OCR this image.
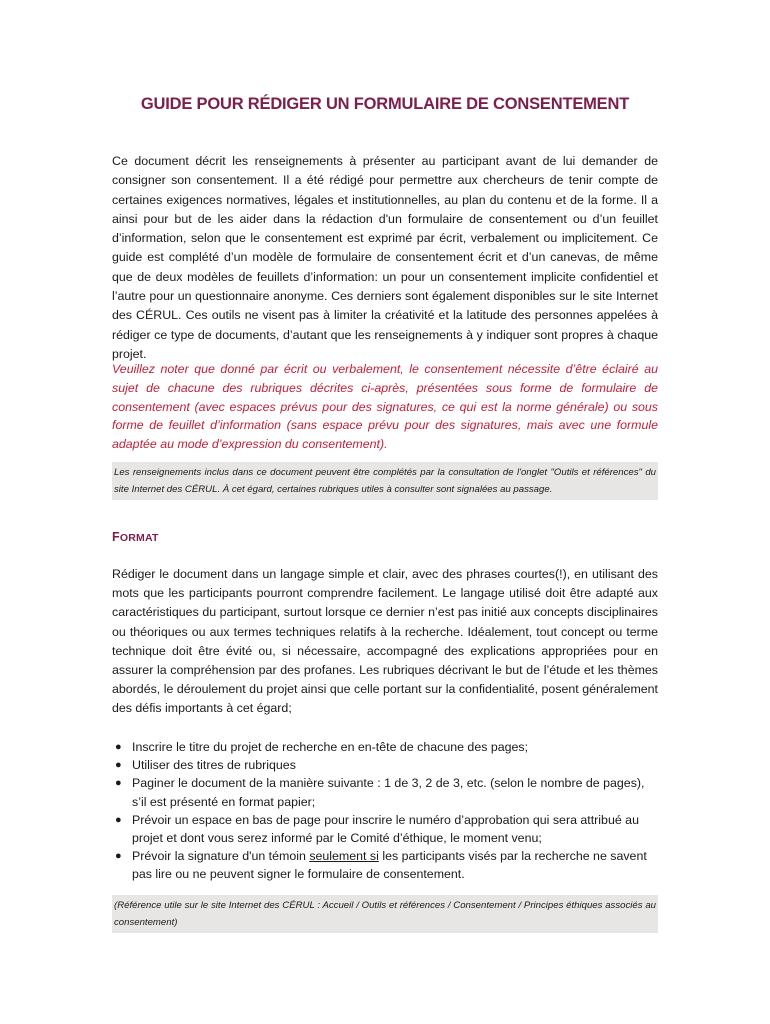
GUIDE POUR RÉDIGER UN FORMULAIRE DE CONSENTEMENT

Ce document décrit les renseignements à présenter au participant avant de lui demander de consigner son consentement. Il a été rédigé pour permettre aux chercheurs de tenir compte de certaines exigences normatives, légales et institutionnelles, au plan du contenu et de la forme. Il a ainsi pour but de les aider dans la rédaction d'un formulaire de consentement ou d’un feuillet d’information, selon que le consentement est exprimé par écrit, verbalement ou implicitement. Ce guide est complété d’un modèle de formulaire de consentement écrit et d’un canevas, de même que de deux modèles de feuillets d’information: un pour un consentement implicite confidentiel et l’autre pour un questionnaire anonyme. Ces derniers sont également disponibles sur le site Internet des CÉRUL. Ces outils ne visent pas à limiter la créativité et la latitude des personnes appelées à rédiger ce type de documents, d’autant que les renseignements à y indiquer sont propres à chaque projet.

Veuillez noter que donné par écrit ou verbalement, le consentement nécessite d’être éclairé au sujet de chacune des rubriques décrites ci-après, présentées sous forme de formulaire de consentement (avec espaces prévus pour des signatures, ce qui est la norme générale) ou sous forme de feuillet d’information (sans espace prévu pour des signatures, mais avec une formule adaptée au mode d’expression du consentement).

Les renseignements inclus dans ce document peuvent être complétés par la consultation de l'onglet "Outils et références" du site Internet des CÉRUL. À cet égard, certaines rubriques utiles à consulter sont signalées au passage.

FORMAT

Rédiger le document dans un langage simple et clair, avec des phrases courtes(!), en utilisant des mots que les participants pourront comprendre facilement. Le langage utilisé doit être adapté aux caractéristiques du participant, surtout lorsque ce dernier n’est pas initié aux concepts disciplinaires ou théoriques ou aux termes techniques relatifs à la recherche. Idéalement, tout concept ou terme technique doit être évité ou, si nécessaire, accompagné des explications appropriées pour en assurer la compréhension par des profanes. Les rubriques décrivant le but de l’étude et les thèmes abordés, le déroulement du projet ainsi que celle portant sur la confidentialité, posent généralement des défis importants à cet égard;

● Inscrire le titre du projet de recherche en en-tête de chacune des pages;
● Utiliser des titres de rubriques
● Paginer le document de la manière suivante : 1 de 3, 2 de 3, etc. (selon le nombre de pages), s’il est présenté en format papier;
● Prévoir un espace en bas de page pour inscrire le numéro d’approbation qui sera attribué au projet et dont vous serez informé par le Comité d’éthique, le moment venu;
● Prévoir la signature d'un témoin seulement si les participants visés par la recherche ne savent pas lire ou ne peuvent signer le formulaire de consentement.

(Référence utile sur le site Internet des CÉRUL : Accueil / Outils et références / Consentement / Principes éthiques associés au consentement)
